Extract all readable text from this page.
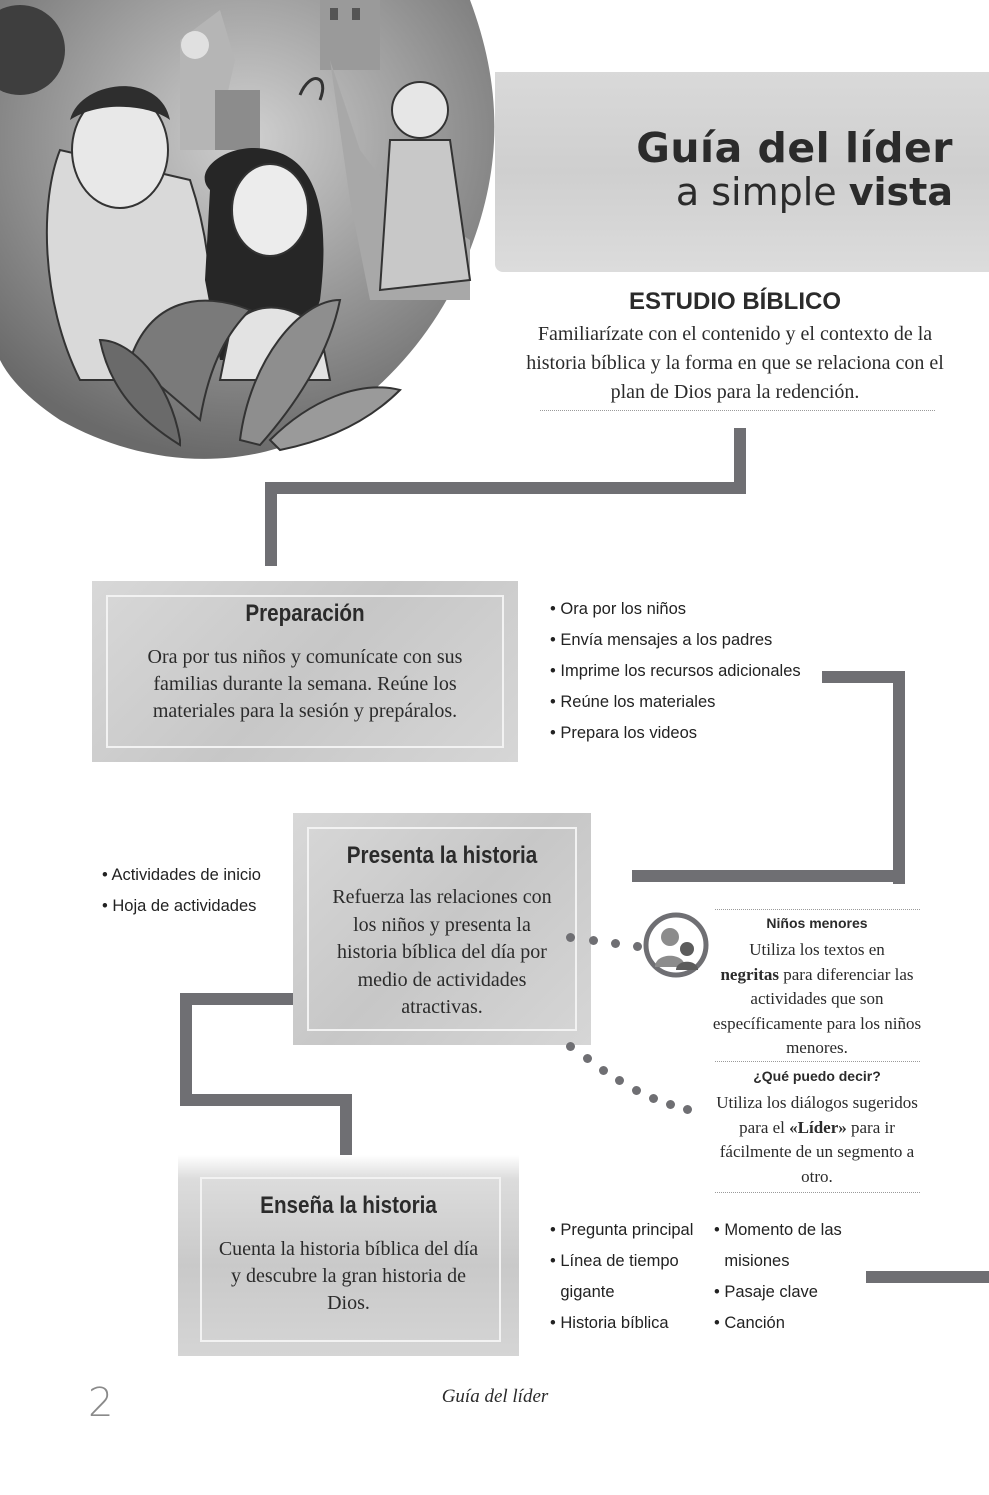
Guía del líder
a simple vista
ESTUDIO BÍBLICO
Familiarízate con el contenido y el contexto de la historia bíblica y la forma en que se relaciona con el plan de Dios para la redención.
Preparación
Ora por tus niños y comunícate con sus familias durante la semana. Reúne los materiales para la sesión y prepáralos.
• Ora por los niños
• Envía mensajes a los padres
• Imprime los recursos adicionales
• Reúne los materiales
• Prepara los videos
Presenta la historia
Refuerza las relaciones con los niños y presenta la historia bíblica del día por medio de actividades atractivas.
• Actividades de inicio
• Hoja de actividades
Niños menores
Utiliza los textos en
negritas para diferenciar las actividades que son específicamente para los niños menores.
¿Qué puedo decir?
Utiliza los diálogos sugeridos para el «Líder» para ir fácilmente de un segmento a otro.
Enseña la historia
Cuenta la historia bíblica del día y descubre la gran historia de Dios.
• Pregunta principal
• Línea de tiempo
gigante
• Historia bíblica
• Momento de las
misiones
• Pasaje clave
• Canción
2	Guía del líder
